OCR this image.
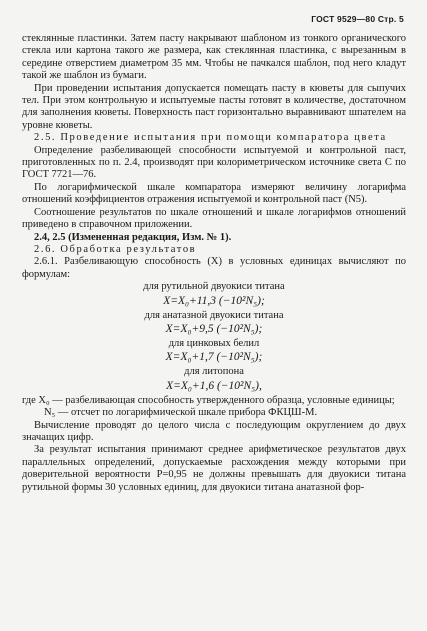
ГОСТ 9529—80 Стр. 5

стеклянные пластинки. Затем пасту накрывают шаблоном из тонкого органического стекла или картона такого же размера, как стеклянная пластинка, с вырезанным в середине отверстием диаметром 35 мм. Чтобы не пачкался шаблон, под него кладут такой же шаблон из бумаги.

При проведении испытания допускается помещать пасту в кюветы для сыпучих тел. При этом контрольную и испытуемые пасты готовят в количестве, достаточном для заполнения кюветы. Поверхность паст горизонтально выравнивают шпателем на уровне кюветы.

2.5. Проведение испытания при помощи компаратора цвета

Определение разбеливающей способности испытуемой и контрольной паст, приготовленных по п. 2.4, производят при колориметрическом источнике света С по ГОСТ 7721—76.

По логарифмической шкале компаратора измеряют величину логарифма отношений коэффициентов отражения испытуемой и контрольной паст (N5).

Соотношение результатов по шкале отношений и шкале логарифмов отношений приведено в справочном приложении.

2.4, 2.5 (Измененная редакция, Изм. № 1).

2.6. Обработка результатов

2.6.1. Разбеливающую способность (X) в условных единицах вычисляют по формулам:

для рутильной двуокиси титана

X=X₀+11,3 (−10²N₅);

для анатазной двуокиси титана

X=X₀+9,5 (−10²N₅);

для цинковых белил

X=X₀+1,7 (−10²N₅);

для литопона

X=X₀+1,6 (−10²N₅),

где X₀ — разбеливающая способность утвержденного образца, условные единицы;

N₅ — отсчет по логарифмической шкале прибора ФКЦШ-М.

Вычисление проводят до целого числа с последующим округлением до двух значащих цифр.

За результат испытания принимают среднее арифметическое результатов двух параллельных определений, допускаемые расхождения между которыми при доверительной вероятности P=0,95 не должны превышать для двуокиси титана рутильной формы 30 условных единиц, для двуокиси титана анатазной фор-
